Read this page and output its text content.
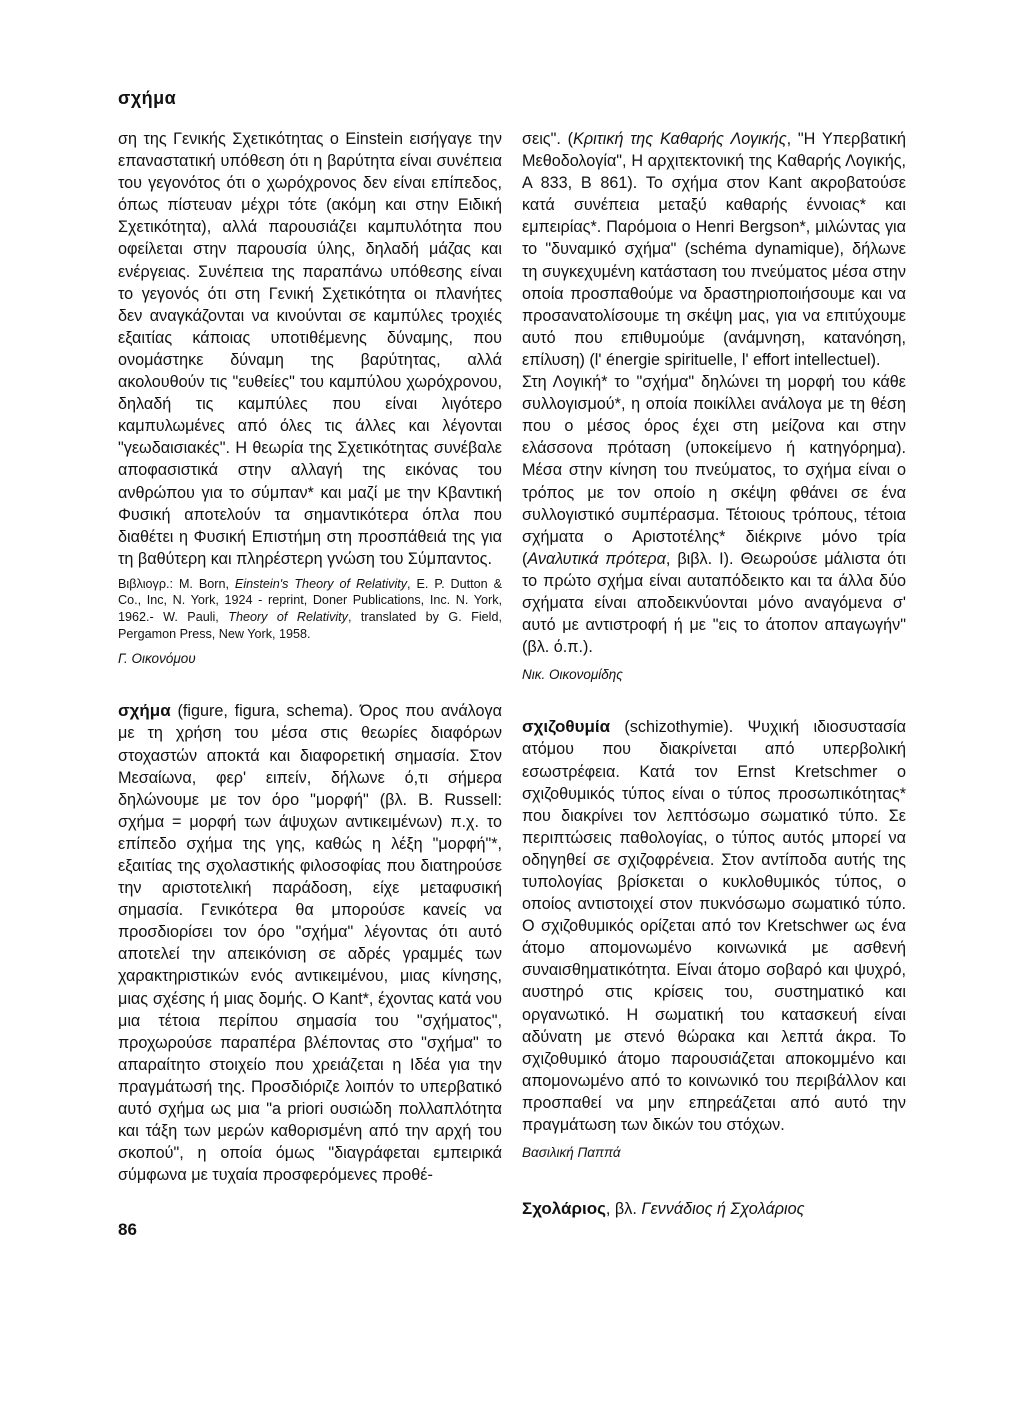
σχήμα

ση της Γενικής Σχετικότητας ο Einstein εισήγαγε την επαναστατική υπόθεση ότι η βαρύτητα είναι συνέπεια του γεγονότος ότι ο χωρόχρονος δεν είναι επίπεδος, όπως πίστευαν μέχρι τότε (ακόμη και στην Ειδική Σχετικότητα), αλλά παρουσιάζει καμπυλότητα που οφείλεται στην παρουσία ύλης, δηλαδή μάζας και ενέργειας. Συνέπεια της παραπάνω υπόθεσης είναι το γεγονός ότι στη Γενική Σχετικότητα οι πλανήτες δεν αναγκάζονται να κινούνται σε καμπύλες τροχιές εξαιτίας κάποιας υποτιθέμενης δύναμης, που ονομάστηκε δύναμη της βαρύτητας, αλλά ακολουθούν τις "ευθείες" του καμπύλου χωρόχρονου, δηλαδή τις καμπύλες που είναι λιγότερο καμπυλωμένες από όλες τις άλλες και λέγονται "γεωδαισιακές". Η θεωρία της Σχετικότητας συνέβαλε αποφασιστικά στην αλλαγή της εικόνας του ανθρώπου για το σύμπαν* και μαζί με την Κβαντική Φυσική αποτελούν τα σημαντικότερα όπλα που διαθέτει η Φυσική Επιστήμη στη προσπάθειά της για τη βαθύτερη και πληρέστερη γνώση του Σύμπαντος.

Βιβλιογρ.: M. Born, Einstein's Theory of Relativity, E. P. Dutton & Co., Inc, N. York, 1924 - reprint, Doner Publications, Inc. N. York, 1962.- W. Pauli, Theory of Relativity, translated by G. Field, Pergamon Press, New York, 1958.

Γ. Οικονόμου

σχήμα (figure, figura, schema). Όρος που ανάλογα με τη χρήση του μέσα στις θεωρίες διαφόρων στοχαστών αποκτά και διαφορετική σημασία. Στον Μεσαίωνα, φερ' ειπείν, δήλωνε ό,τι σήμερα δηλώνουμε με τον όρο "μορφή" (βλ. B. Russell: σχήμα = μορφή των άψυχων αντικειμένων) π.χ. το επίπεδο σχήμα της γης, καθώς η λέξη "μορφή"*, εξαιτίας της σχολαστικής φιλοσοφίας που διατηρούσε την αριστοτελική παράδοση, είχε μεταφυσική σημασία. Γενικότερα θα μπορούσε κανείς να προσδιορίσει τον όρο "σχήμα" λέγοντας ότι αυτό αποτελεί την απεικόνιση σε αδρές γραμμές των χαρακτηριστικών ενός αντικειμένου, μιας κίνησης, μιας σχέσης ή μιας δομής. Ο Kant*, έχοντας κατά νου μια τέτοια περίπου σημασία του "σχήματος", προχωρούσε παραπέρα βλέποντας στο "σχήμα" το απαραίτητο στοιχείο που χρειάζεται η Ιδέα για την πραγμάτωσή της. Προσδιόριζε λοιπόν το υπερβατικό αυτό σχήμα ως μια "a priori ουσιώδη πολλαπλότητα και τάξη των μερών καθορισμένη από την αρχή του σκοπού", η οποία όμως "διαγράφεται εμπειρικά σύμφωνα με τυχαία προσφερόμενες προθέ-

σεις". (Κριτική της Καθαρής Λογικής, "Η Υπερβατική Μεθοδολογία", Η αρχιτεκτονική της Καθαρής Λογικής, Α 833, Β 861). Το σχήμα στον Kant ακροβατούσε κατά συνέπεια μεταξύ καθαρής έννοιας* και εμπειρίας*. Παρόμοια ο Henri Bergson*, μιλώντας για το "δυναμικό σχήμα" (schéma dynamique), δήλωνε τη συγκεχυμένη κατάσταση του πνεύματος μέσα στην οποία προσπαθούμε να δραστηριοποιήσουμε και να προσανατολίσουμε τη σκέψη μας, για να επιτύχουμε αυτό που επιθυμούμε (ανάμνηση, κατανόηση, επίλυση) (l' énergie spirituelle, l' effort intellectuel).

Στη Λογική* το "σχήμα" δηλώνει τη μορφή του κάθε συλλογισμού*, η οποία ποικίλλει ανάλογα με τη θέση που ο μέσος όρος έχει στη μείζονα και στην ελάσσονα πρόταση (υποκείμενο ή κατηγόρημα). Μέσα στην κίνηση του πνεύματος, το σχήμα είναι ο τρόπος με τον οποίο η σκέψη φθάνει σε ένα συλλογιστικό συμπέρασμα. Τέτοιους τρόπους, τέτοια σχήματα ο Αριστοτέλης* διέκρινε μόνο τρία (Αναλυτικά πρότερα, βιβλ. Ι). Θεωρούσε μάλιστα ότι το πρώτο σχήμα είναι αυταπόδεικτο και τα άλλα δύο σχήματα είναι αποδεικνύονται μόνο αναγόμενα σ' αυτό με αντιστροφή ή με "εις το άτοπον απαγωγήν" (βλ. ό.π.).

Νικ. Οικονομίδης

σχιζοθυμία (schizothymie). Ψυχική ιδιοσυστασία ατόμου που διακρίνεται από υπερβολική εσωστρέφεια. Κατά τον Ernst Kretschmer ο σχιζοθυμικός τύπος είναι ο τύπος προσωπικότητας* που διακρίνει τον λεπτόσωμο σωματικό τύπο. Σε περιπτώσεις παθολογίας, ο τύπος αυτός μπορεί να οδηγηθεί σε σχιζοφρένεια. Στον αντίποδα αυτής της τυπολογίας βρίσκεται ο κυκλοθυμικός τύπος, ο οποίος αντιστοιχεί στον πυκνόσωμο σωματικό τύπο. Ο σχιζοθυμικός ορίζεται από τον Kretschwer ως ένα άτομο απομονωμένο κοινωνικά με ασθενή συναισθηματικότητα. Είναι άτομο σοβαρό και ψυχρό, αυστηρό στις κρίσεις του, συστηματικό και οργανωτικό. Η σωματική του κατασκευή είναι αδύνατη με στενό θώρακα και λεπτά άκρα. Το σχιζοθυμικό άτομο παρουσιάζεται αποκομμένο και απομονωμένο από το κοινωνικό του περιβάλλον και προσπαθεί να μην επηρεάζεται από αυτό την πραγμάτωση των δικών του στόχων.

Βασιλική Παππά

Σχολάριος, βλ. Γεννάδιος ή Σχολάριος

86
